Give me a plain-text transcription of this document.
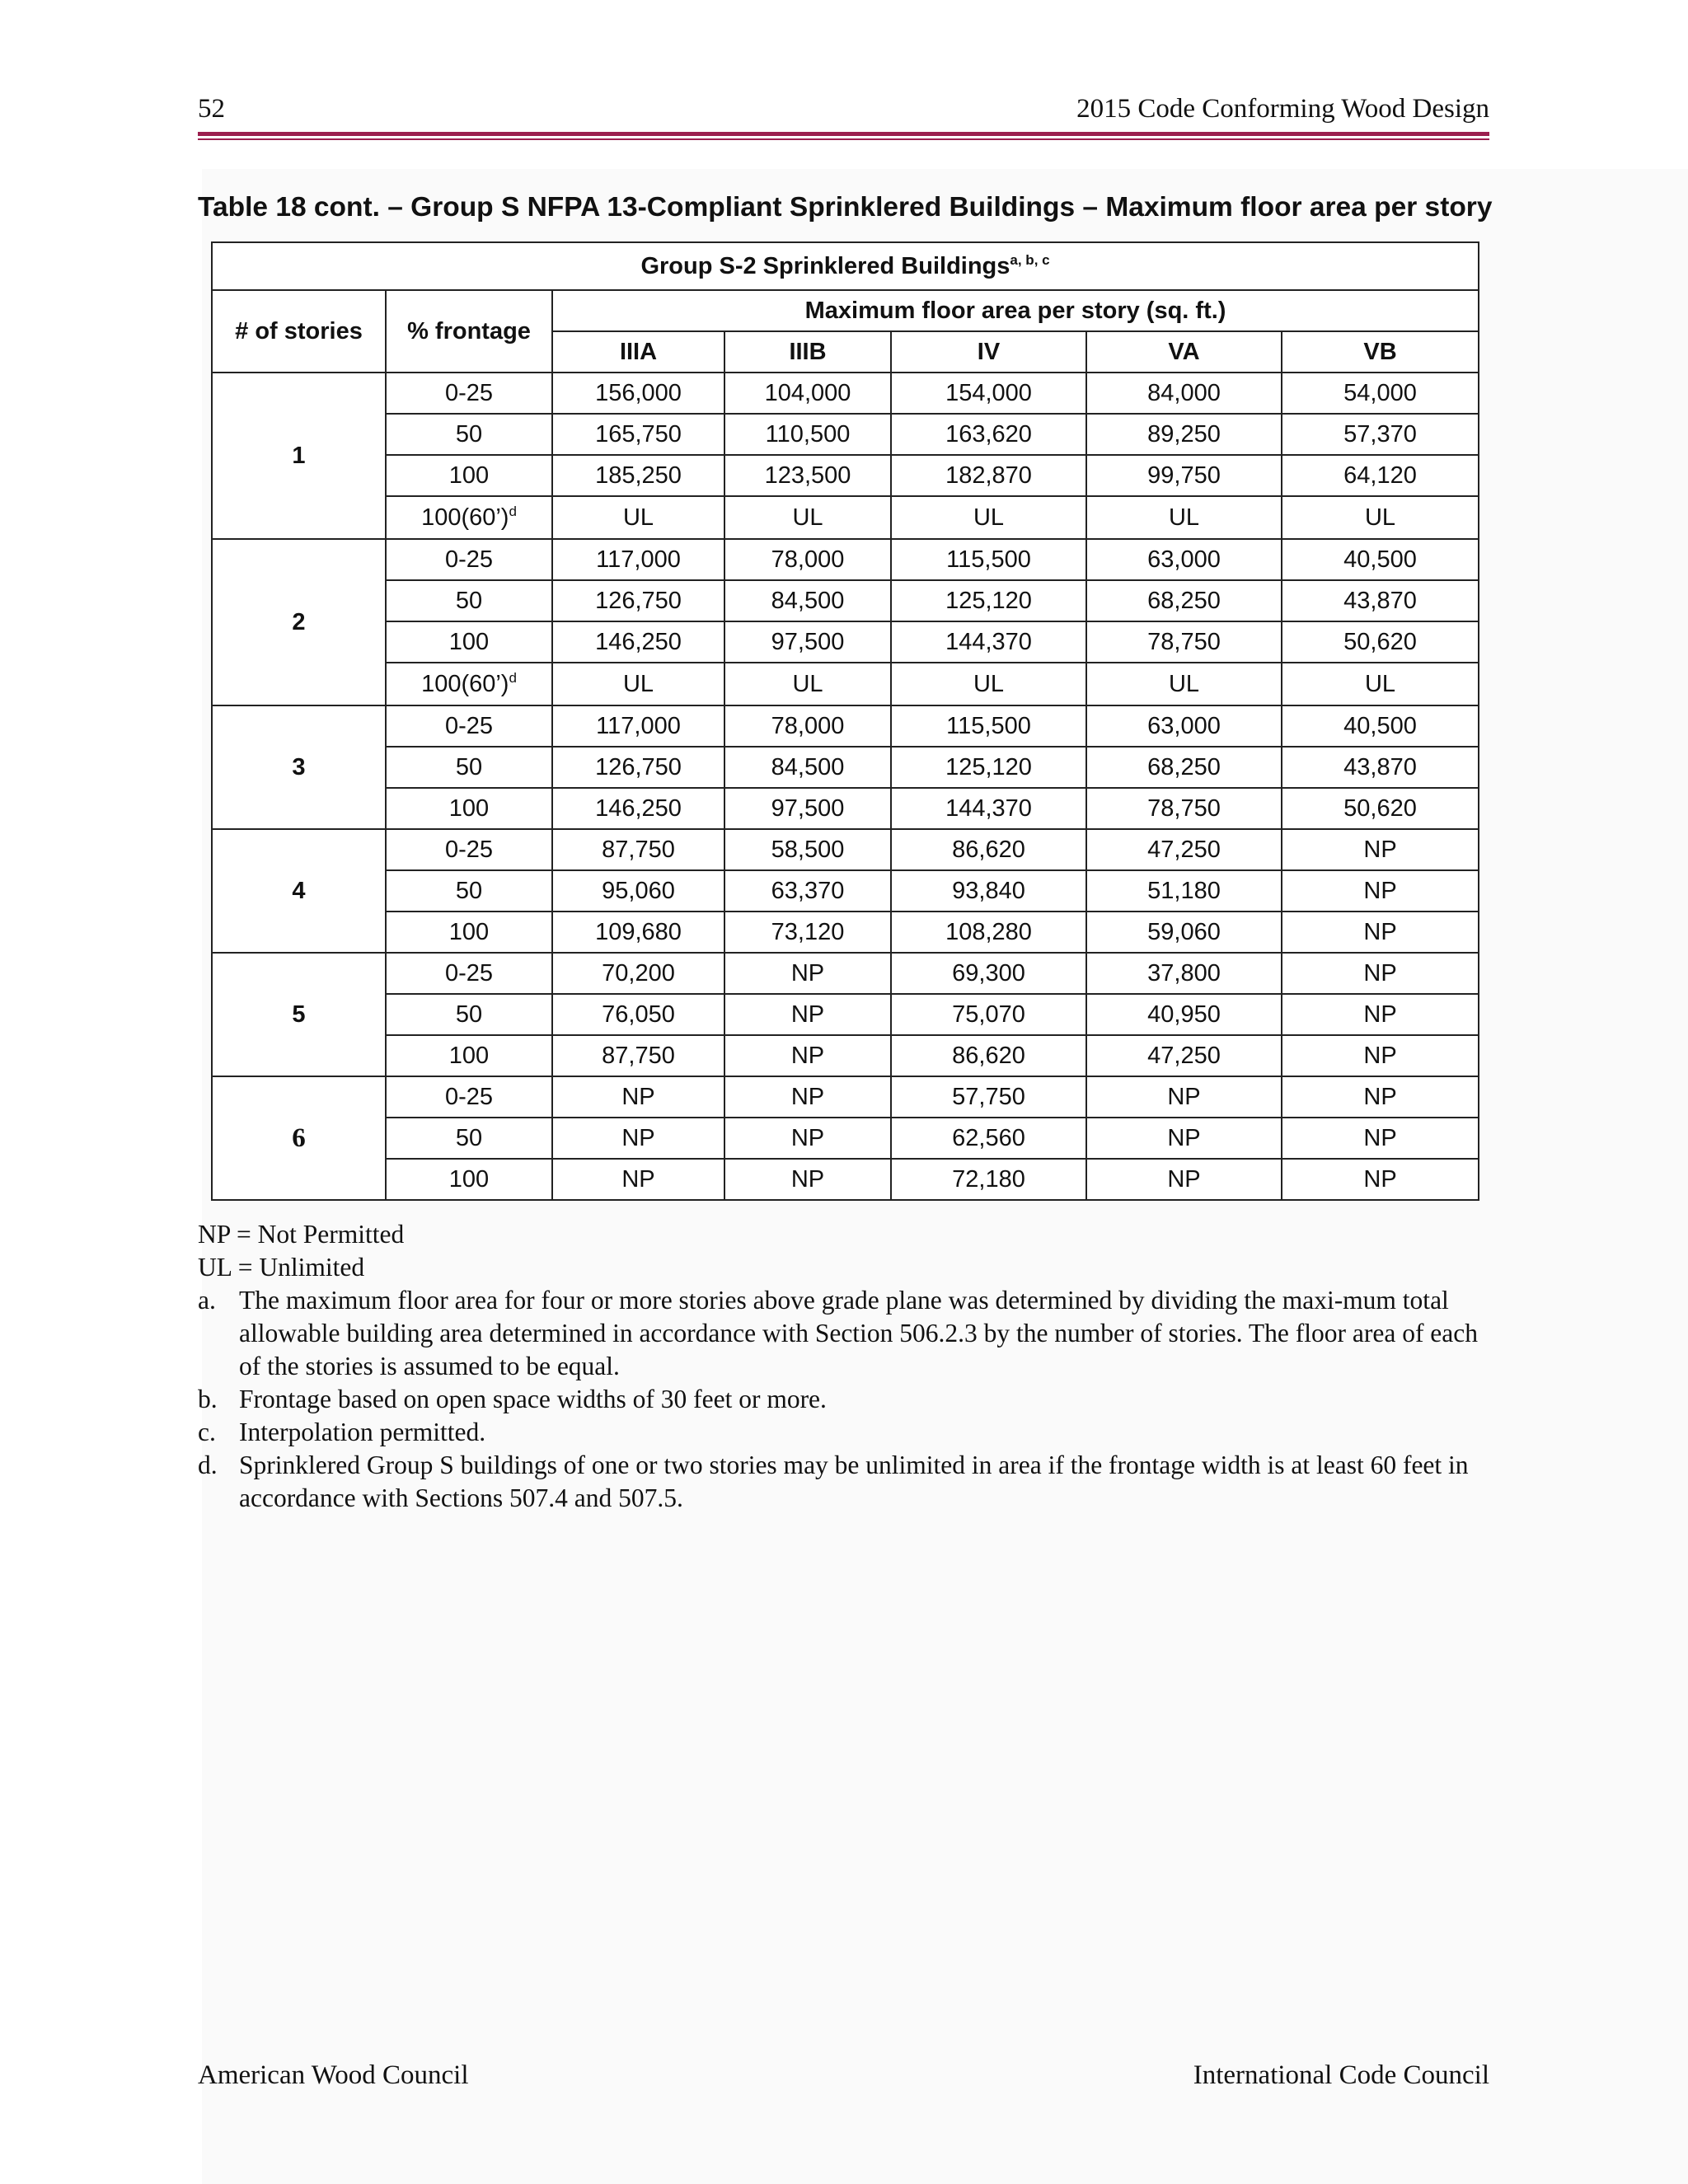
52	2015 Code Conforming Wood Design
Table 18 cont. – Group S NFPA 13-Compliant Sprinklered Buildings – Maximum floor area per story
Group S-2 Sprinklered Buildings$^{a, b, c}$
# of stories	% frontage	Maximum floor area per story (sq. ft.)				
		IIIA	IIIB	IV	VA	VB
1	0-25	156,000	104,000	154,000	84,000	54,000
	50	165,750	110,500	163,620	89,250	57,370
	100	185,250	123,500	182,870	99,750	64,120
	100(60’)$^d$	UL	UL	UL	UL	UL
2	0-25	117,000	78,000	115,500	63,000	40,500
	50	126,750	84,500	125,120	68,250	43,870
	100	146,250	97,500	144,370	78,750	50,620
	100(60’)$^d$	UL	UL	UL	UL	UL
3	0-25	117,000	78,000	115,500	63,000	40,500
	50	126,750	84,500	125,120	68,250	43,870
	100	146,250	97,500	144,370	78,750	50,620
4	0-25	87,750	58,500	86,620	47,250	NP
	50	95,060	63,370	93,840	51,180	NP
	100	109,680	73,120	108,280	59,060	NP
5	0-25	70,200	NP	69,300	37,800	NP
	50	76,050	NP	75,070	40,950	NP
	100	87,750	NP	86,620	47,250	NP
6	0-25	NP	NP	57,750	NP	NP
	50	NP	NP	62,560	NP	NP
	100	NP	NP	72,180	NP	NP
NP = Not Permitted
UL = Unlimited
a. The maximum floor area for four or more stories above grade plane was determined by dividing the maxi-mum total allowable building area determined in accordance with Section 506.2.3 by the number of stories. The floor area of each of the stories is assumed to be equal.
b. Frontage based on open space widths of 30 feet or more.
c. Interpolation permitted.
d. Sprinklered Group S buildings of one or two stories may be unlimited in area if the frontage width is at least 60 feet in accordance with Sections 507.4 and 507.5.
American Wood Council	International Code Council
